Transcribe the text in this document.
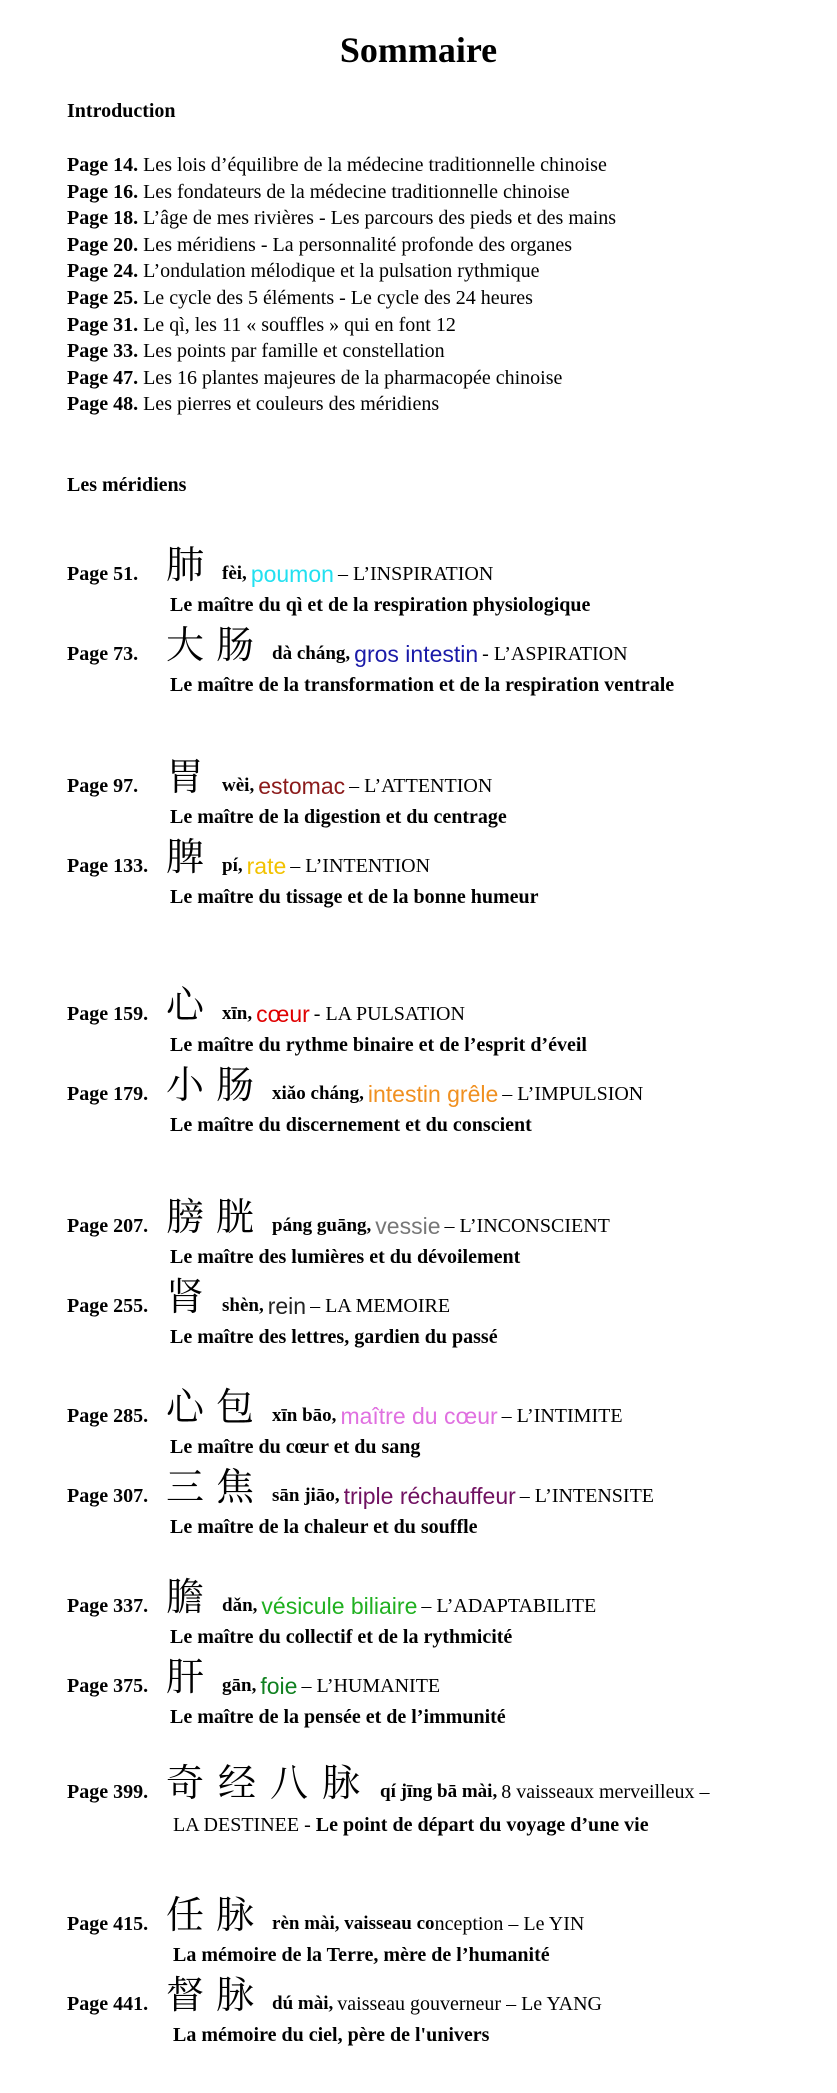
Sommaire
Introduction
Page 14. Les lois d’équilibre de la médecine traditionnelle chinoise
Page 16. Les fondateurs de la médecine traditionnelle chinoise
Page 18. L’âge de mes rivières - Les parcours des pieds et des mains
Page 20. Les méridiens - La personnalité profonde des organes
Page 24. L’ondulation mélodique et la pulsation rythmique
Page 25. Le cycle des 5 éléments - Le cycle des 24 heures
Page 31. Le qì, les 11 « souffles » qui en font 12
Page 33. Les points par famille et constellation
Page 47. Les 16 plantes majeures de la pharmacopée chinoise
Page 48. Les pierres et couleurs des méridiens
Les méridiens
Page 51. 肺 fèi,
poumon
– L’INSPIRATION
Le maître du qì et de la respiration physiologique
Page 73. 大肠 dà cháng,
gros intestin
- L’ASPIRATION
Le maître de la transformation et de la respiration ventrale
Page 97. 胃 wèi,
estomac
– L’ATTENTION
Le maître de la digestion et du centrage
Page 133. 脾 pí,
rate
– L’INTENTION
Le maître du tissage et de la bonne humeur
Page 159. 心 xīn,
cœur
- LA PULSATION
Le maître du rythme binaire et de l’esprit d’éveil
Page 179. 小肠 xiǎo cháng,
intestin grêle
– L’IMPULSION
Le maître du discernement et du conscient
Page 207. 膀胱 páng guāng,
vessie
– L’INCONSCIENT
Le maître des lumières et du dévoilement
Page 255. 肾 shèn,
rein
– LA MEMOIRE
Le maître des lettres, gardien du passé
Page 285. 心包 xīn bāo,
maître du cœur
– L’INTIMITE
Le maître du cœur et du sang
Page 307. 三焦 sān jiāo,
triple réchauffeur
– L’INTENSITE
Le maître de la chaleur et du souffle
Page 337. 膽 dǎn,
vésicule biliaire
– L’ADAPTABILITE
Le maître du collectif et de la rythmicité
Page 375. 肝 gān,
foie
– L’HUMANITE
Le maître de la pensée et de l’immunité
Page 399. 奇经八脉 qí jīng bā mài,
8 vaisseaux merveilleux –
LA DESTINEE - Le point de départ du voyage d’une vie
Page 415. 任脉 rèn mài, vaisseau co nception – Le YIN
La mémoire de la Terre, mère de l’humanité
Page 441. 督脉 dú mài,
vaisseau gouverneur – Le YANG
La mémoire du ciel, père de l'univers
